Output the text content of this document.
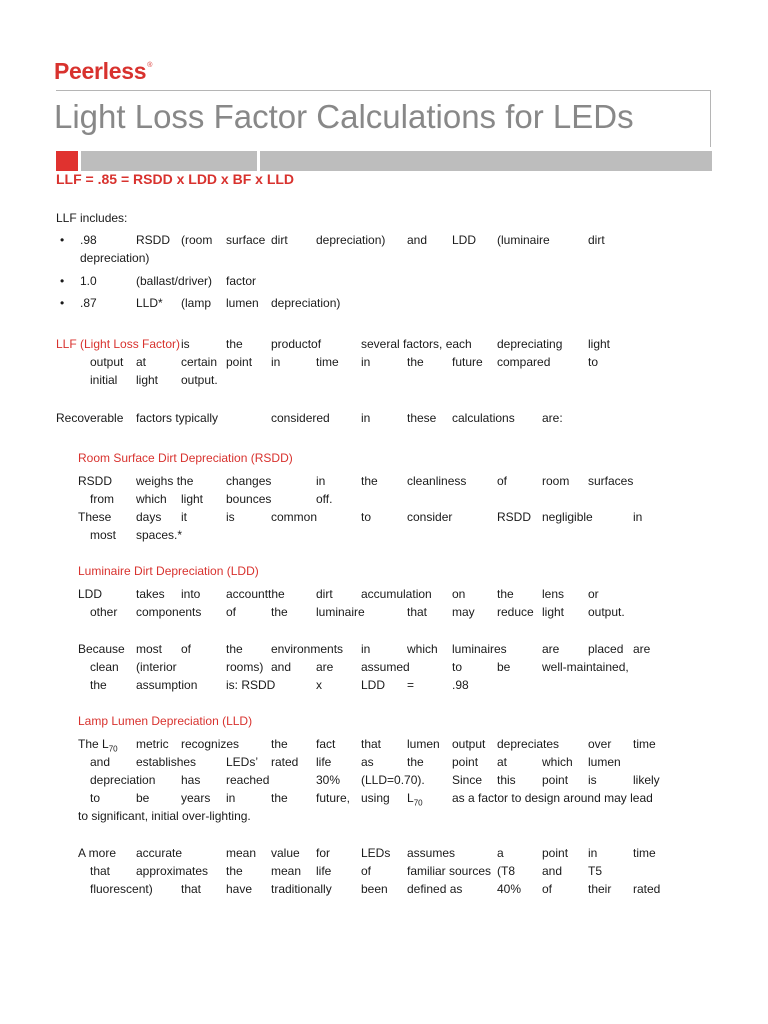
Peerless®
Light Loss Factor Calculations for LEDs
LLF = .85 = RSDD x LDD x BF x LLD
LLF includes:
• .98	RSDD (room surface dirt depreciation) and LDD (luminaire	dirt
depreciation)
• 1.0	(ballast/driver) factor
• .87	LLD* (lamp lumen depreciation)
LLF (Light Loss Factor) is	the productof	several factors, each depreciating light
output at	certain point in	time in	the future compared	to
initial light output.
Recoverable factors typically	considered	in	these calculations are:
Room Surface Dirt Depreciation (RSDD)
RSDD weighs the	changes	in	the cleanliness	of	room surfaces
from which light bounces	off.
These days it	is	common	to	consider	RSDD negligible	in
most spaces.*
Luminaire Dirt Depreciation (LDD)
LDD	takes into accountthe	dirt accumulation on	the lens or
other components of	the luminaire	that may reduce light output.
Because most of	the environments in	which luminaires	are placed are
clean (interior	rooms) and are assumed	to	be	well-maintained,
the assumption is: RSDD	x	LDD =	.98
Lamp Lumen Depreciation (LLD)
The $L_{70}$ metric recognizes	the fact that lumen output depreciates over time
and establishes LEDs’ rated life as	the point at	which lumen
depreciation has reached	30% (LLD=0.70). Since this point is	likely
to	be	years in	the future, using $L_{70}$ as a factor to design around may lead
to significant, initial over-lighting.
A more accurate	mean value for	LEDs assumes	a	point in	time
that approximates the mean life of	familiar sources (T8 and T5
fluorescent) that have traditionally been defined as	40% of	their rated
